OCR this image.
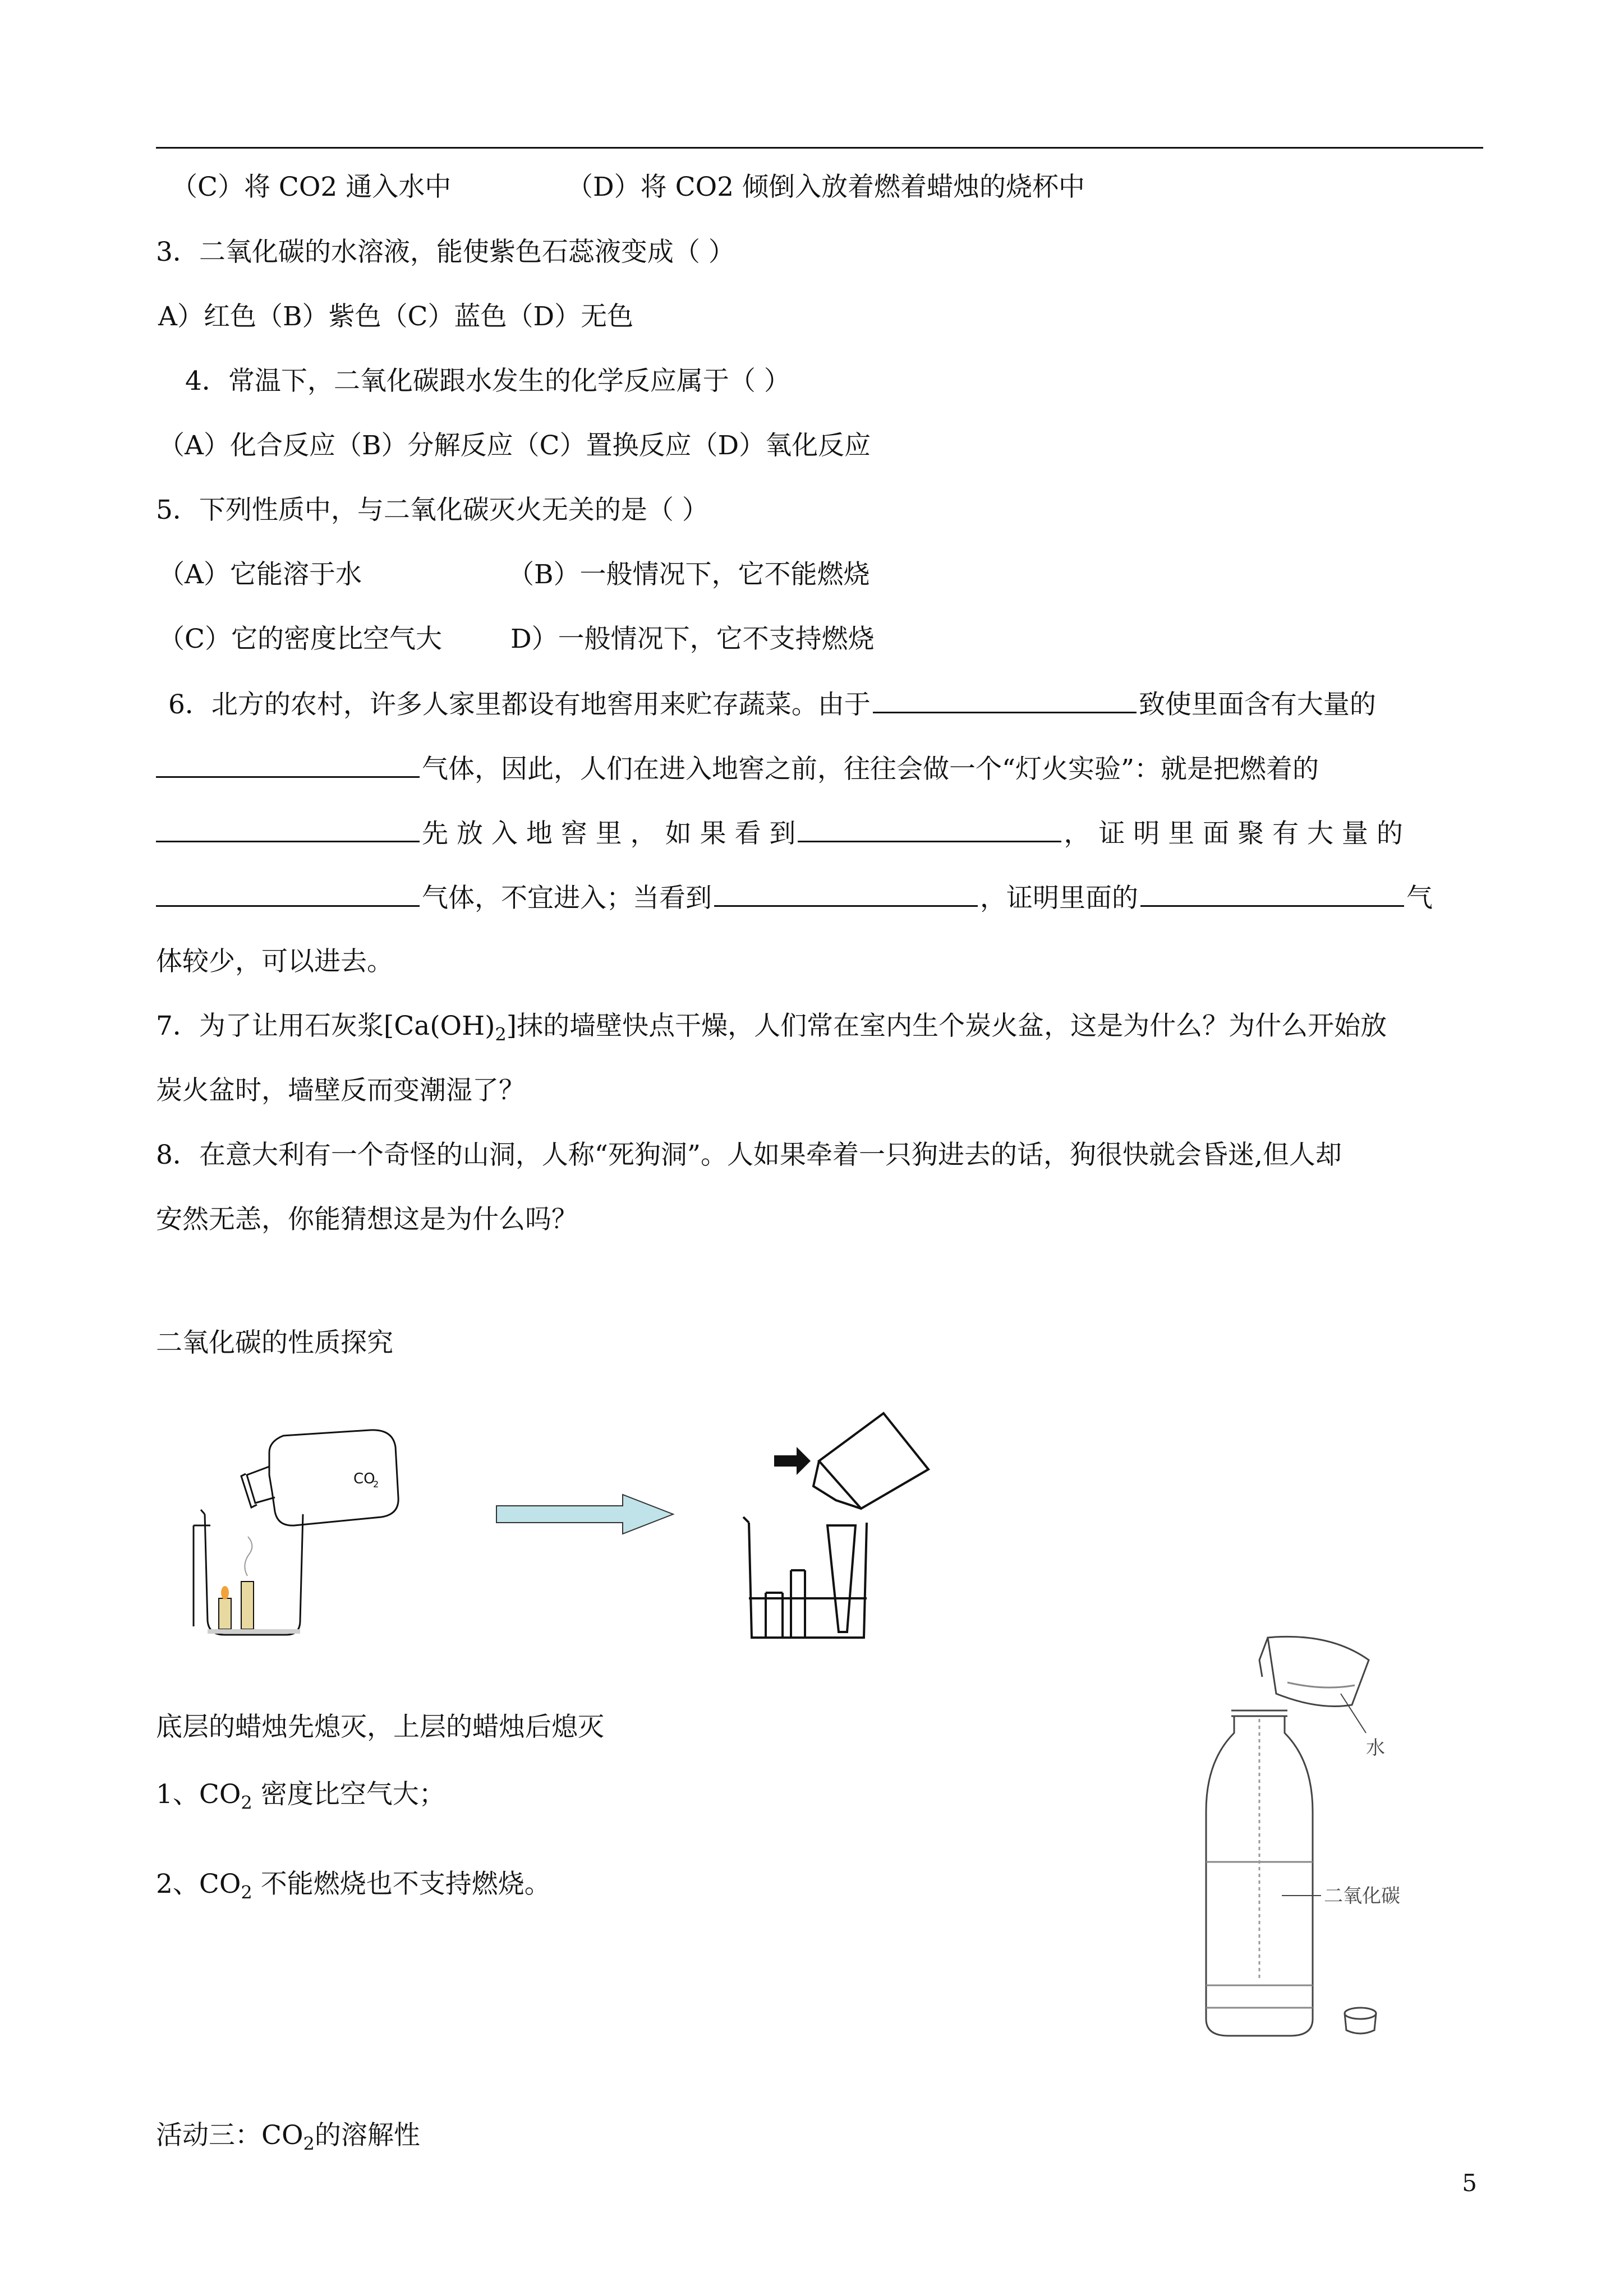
（C）将 CO2 通入水中	（D）将 CO2 倾倒入放着燃着蜡烛的烧杯中
3．二氧化碳的水溶液，能使紫色石蕊液变成（ ）
A）红色（B）紫色（C）蓝色（D）无色
4．常温下，二氧化碳跟水发生的化学反应属于（ ）
（A）化合反应（B）分解反应（C）置换反应（D）氧化反应
5．下列性质中，与二氧化碳灭火无关的是（ ）
（A）它能溶于水	（B）一般情况下，它不能燃烧
（C）它的密度比空气大	D）一般情况下，它不支持燃烧
6．北方的农村，许多人家里都设有地窖用来贮存蔬菜。由于	致使里面含有大量的
气体，因此，人们在进入地窖之前，往往会做一个“灯火实验”：就是把燃着的
先 放 入 地 窖 里 ， 如 果 看 到	， 证 明 里 面 聚 有 大 量 的
气体，不宜进入；当看到	，证明里面的	气
体较少，可以进去。
7．为了让用石灰浆$[Ca(OH)_2]$抹的墙壁快点干燥，人们常在室内生个炭火盆，这是为什么？为什么开始放
炭火盆时，墙壁反而变潮湿了？
8．在意大利有一个奇怪的山洞，人称“死狗洞”。人如果牵着一只狗进去的话，狗很快就会昏迷,但人却
安然无恙，你能猜想这是为什么吗？
二氧化碳的性质探究
CO
2
底层的蜡烛先熄灭，上层的蜡烛后熄灭
1、$CO_2$ 密度比空气大；
2、$CO_2$ 不能燃烧也不支持燃烧。
水
二氧化碳
活动三：$CO_2$的溶解性
5
